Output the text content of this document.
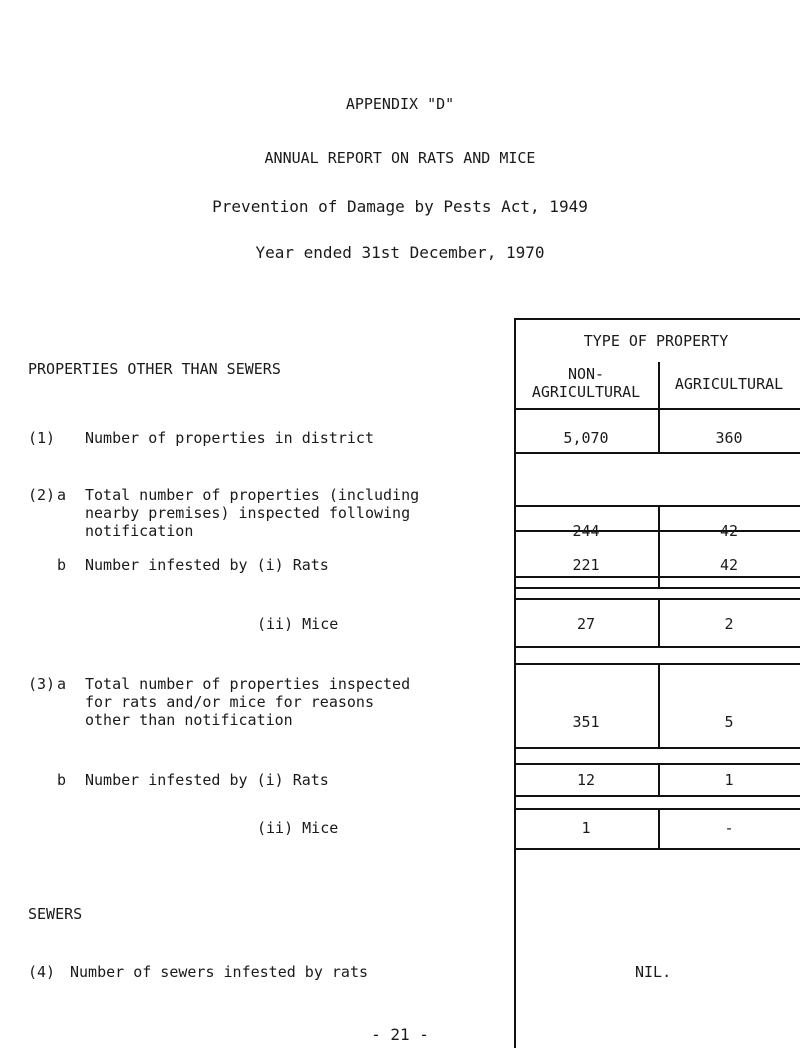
APPENDIX "D"
ANNUAL REPORT ON RATS AND MICE
Prevention of Damage by Pests Act, 1949
Year ended 31st December, 1970
PROPERTIES OTHER THAN SEWERS
TYPE OF PROPERTY
NON-
AGRICULTURAL	AGRICULTURAL
(1) Number of properties in district	5,070	360
(2) a Total number of properties (including
nearby premises) inspected following
notification	244	42
b Number infested by (i) Rats	221	42
(ii) Mice	27	2
(3) a Total number of properties inspected
for rats and/or mice for reasons
other than notification	351	5
b Number infested by (i) Rats	12	1
(ii) Mice	1	-
SEWERS
(4) Number of sewers infested by rats	NIL.
- 21 -
